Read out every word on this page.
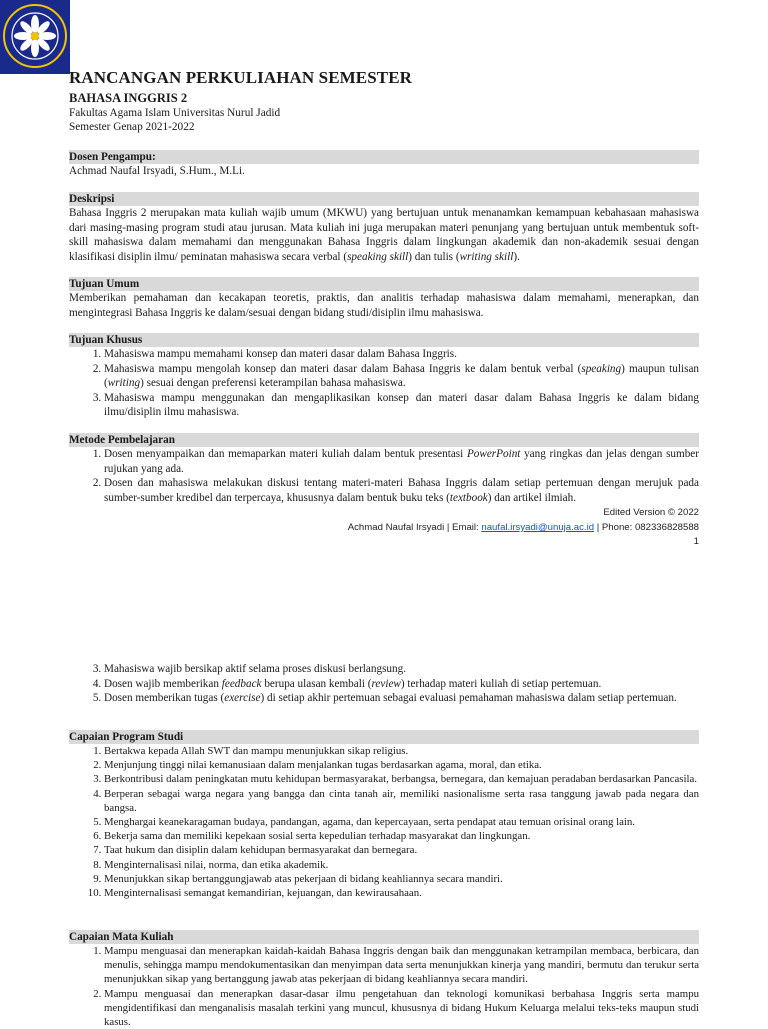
RANCANGAN PERKULIAHAN SEMESTER
BAHASA INGGRIS 2
Fakultas Agama Islam Universitas Nurul Jadid
Semester Genap 2021-2022
Dosen Pengampu:
Achmad Naufal Irsyadi, S.Hum., M.Li.
Deskripsi
Bahasa Inggris 2 merupakan mata kuliah wajib umum (MKWU) yang bertujuan untuk menanamkan kemampuan kebahasaan mahasiswa dari masing-masing program studi atau jurusan. Mata kuliah ini juga merupakan materi penunjang yang bertujuan untuk membentuk soft-skill mahasiswa dalam memahami dan menggunakan Bahasa Inggris dalam lingkungan akademik dan non-akademik sesuai dengan klasifikasi disiplin ilmu/ peminatan mahasiswa secara verbal (speaking skill) dan tulis (writing skill).
Tujuan Umum
Memberikan pemahaman dan kecakapan teoretis, praktis, dan analitis terhadap mahasiswa dalam memahami, menerapkan, dan mengintegrasi Bahasa Inggris ke dalam/sesuai dengan bidang studi/disiplin ilmu mahasiswa.
Tujuan Khusus
1. Mahasiswa mampu memahami konsep dan materi dasar dalam Bahasa Inggris.
2. Mahasiswa mampu mengolah konsep dan materi dasar dalam Bahasa Inggris ke dalam bentuk verbal (speaking) maupun tulisan (writing) sesuai dengan preferensi keterampilan bahasa mahasiswa.
3. Mahasiswa mampu menggunakan dan mengaplikasikan konsep dan materi dasar dalam Bahasa Inggris ke dalam bidang ilmu/disiplin ilmu mahasiswa.
Metode Pembelajaran
1. Dosen menyampaikan dan memaparkan materi kuliah dalam bentuk presentasi PowerPoint yang ringkas dan jelas dengan sumber rujukan yang ada.
2. Dosen dan mahasiswa melakukan diskusi tentang materi-materi Bahasa Inggris dalam setiap pertemuan dengan merujuk pada sumber-sumber kredibel dan terpercaya, khususnya dalam bentuk buku teks (textbook) dan artikel ilmiah.
Edited Version © 2022
Achmad Naufal Irsyadi | Email: naufal.irsyadi@unuja.ac.id | Phone: 082336828588
1
3. Mahasiswa wajib bersikap aktif selama proses diskusi berlangsung.
4. Dosen wajib memberikan feedback berupa ulasan kembali (review) terhadap materi kuliah di setiap pertemuan.
5. Dosen memberikan tugas (exercise) di setiap akhir pertemuan sebagai evaluasi pemahaman mahasiswa dalam setiap pertemuan.
Capaian Program Studi
1. Bertakwa kepada Allah SWT dan mampu menunjukkan sikap religius.
2. Menjunjung tinggi nilai kemanusiaan dalam menjalankan tugas berdasarkan agama, moral, dan etika.
3. Berkontribusi dalam peningkatan mutu kehidupan bermasyarakat, berbangsa, bernegara, dan kemajuan peradaban berdasarkan Pancasila.
4. Berperan sebagai warga negara yang bangga dan cinta tanah air, memiliki nasionalisme serta rasa tanggung jawab pada negara dan bangsa.
5. Menghargai keanekaragaman budaya, pandangan, agama, dan kepercayaan, serta pendapat atau temuan orisinal orang lain.
6. Bekerja sama dan memiliki kepekaan sosial serta kepedulian terhadap masyarakat dan lingkungan.
7. Taat hukum dan disiplin dalam kehidupan bermasyarakat dan bernegara.
8. Menginternalisasi nilai, norma, dan etika akademik.
9. Menunjukkan sikap bertanggungjawab atas pekerjaan di bidang keahliannya secara mandiri.
10. Menginternalisasi semangat kemandirian, kejuangan, dan kewirausahaan.
Capaian Mata Kuliah
1. Mampu menguasai dan menerapkan kaidah-kaidah Bahasa Inggris dengan baik dan menggunakan ketrampilan membaca, berbicara, dan menulis, sehingga mampu mendokumentasikan dan menyimpan data serta menunjukkan kinerja yang mandiri, bermutu dan terukur serta menunjukkan sikap yang bertanggung jawab atas pekerjaan di bidang keahliannya secara mandiri.
2. Mampu menguasai dan menerapkan dasar-dasar ilmu pengetahuan dan teknologi komunikasi berbahasa Inggris serta mampu mengidentifikasi dan menganalisis masalah terkini yang muncul, khususnya di bidang Hukum Keluarga melalui teks-teks maupun studi kasus.
